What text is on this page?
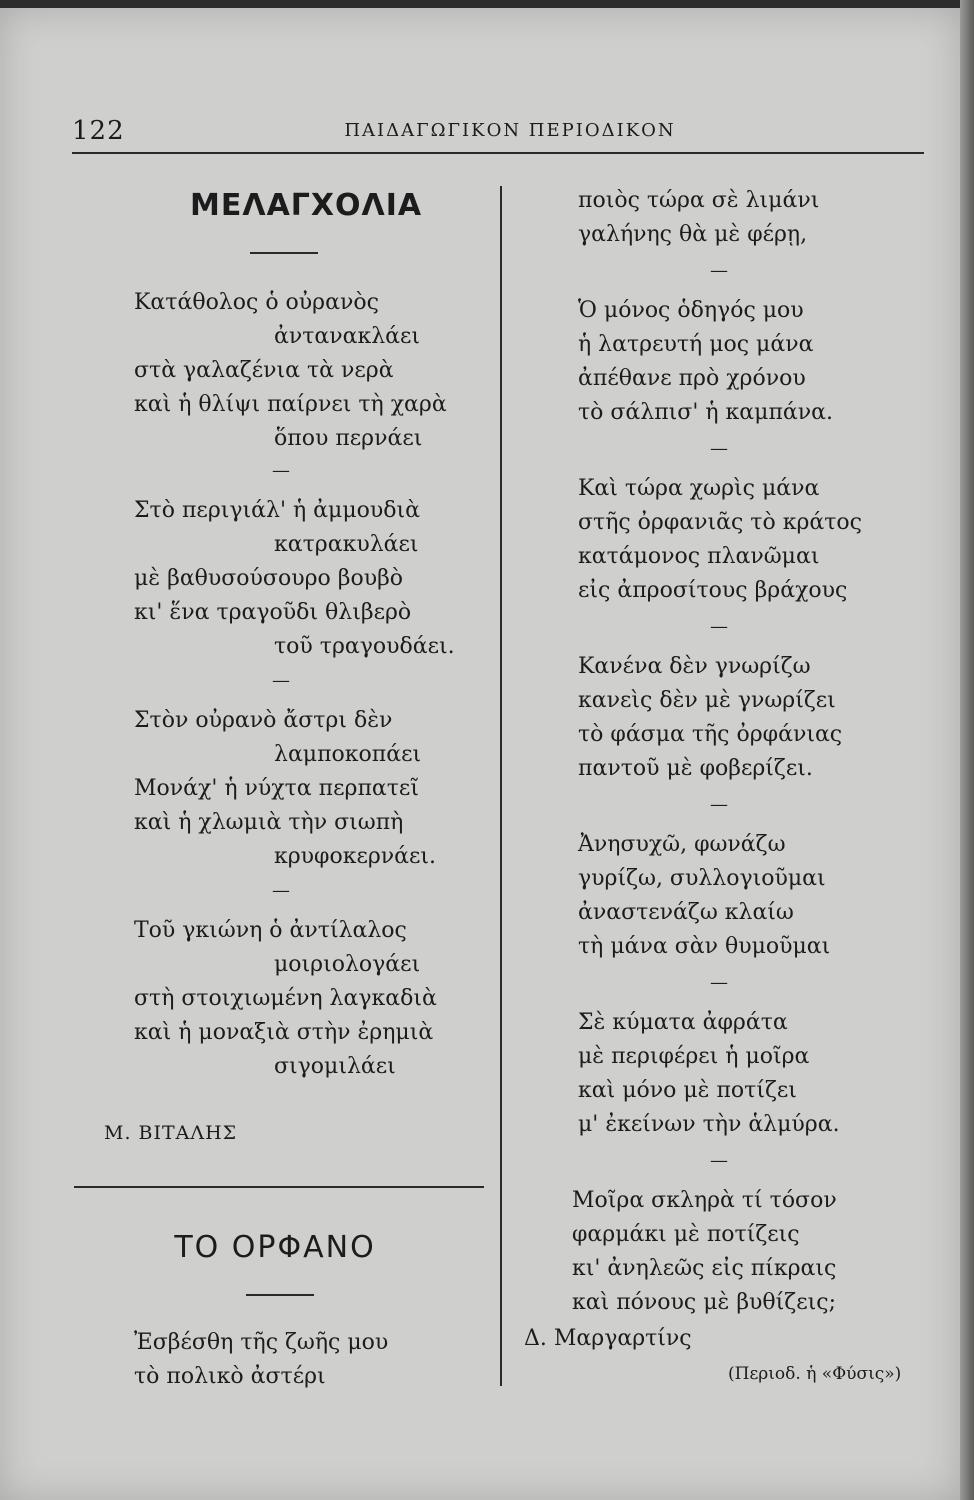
122	ΠΑΙΔΑΓΩΓΙΚΟΝ ΠΕΡΙΟΔΙΚΟΝ
ΜΕΛΑΓΧΟΛΙΑ
Κατάθολος ὁ οὐρανὸς
ἀντανακλάει
στὰ γαλαζένια τὰ νερὰ
καὶ ἡ θλίψι παίρνει τὴ χαρὰ
ὅπου περνάει
—
Στὸ περιγιάλ' ἡ ἀμμουδιὰ
κατρακυλάει
μὲ βαθυσούσουρο βουβὸ
κι' ἕνα τραγοῦδι θλιβερὸ
τοῦ τραγουδάει.
—
Στὸν οὐρανὸ ἄστρι δὲν
λαμποκοπάει
Μονάχ' ἡ νύχτα περπατεῖ
καὶ ἡ χλωμιὰ τὴν σιωπὴ
κρυφοκερνάει.
—
Τοῦ γκιώνη ὁ ἀντίλαλος
μοιριολογάει
στὴ στοιχιωμένη λαγκαδιὰ
καὶ ἡ μοναξιὰ στὴν ἐρημιὰ
σιγομιλάει
Μ. ΒΙΤΑΛΗΣ
ΤΟ ΟΡΦΑΝΟ
Ἐσβέσθη τῆς ζωῆς μου
τὸ πολικὸ ἀστέρι
ποιὸς τώρα σὲ λιμάνι
γαλήνης θὰ μὲ φέρῃ,
—
Ὁ μόνος ὁδηγός μου
ἡ λατρευτή μος μάνα
ἀπέθανε πρὸ χρόνου
τὸ σάλπισ' ἡ καμπάνα.
—
Καὶ τώρα χωρὶς μάνα
στῆς ὀρφανιᾶς τὸ κράτος
κατάμονος πλανῶμαι
εἰς ἀπροσίτους βράχους
—
Κανένα δὲν γνωρίζω
κανεὶς δὲν μὲ γνωρίζει
τὸ φάσμα τῆς ὀρφάνιας
παντοῦ μὲ φοβερίζει.
—
Ἀνησυχῶ, φωνάζω
γυρίζω, συλλογιοῦμαι
ἀναστενάζω κλαίω
τὴ μάνα σὰν θυμοῦμαι
—
Σὲ κύματα ἀφράτα
μὲ περιφέρει ἡ μοῖρα
καὶ μόνο μὲ ποτίζει
μ' ἐκείνων τὴν ἁλμύρα.
—
Μοῖρα σκληρὰ τί τόσον
φαρμάκι μὲ ποτίζεις
κι' ἀνηλεῶς εἰς πίκραις
καὶ πόνους μὲ βυθίζεις;
Δ. Μαργαρτίνς
(Περιοδ. ἡ «Φύσις»)
